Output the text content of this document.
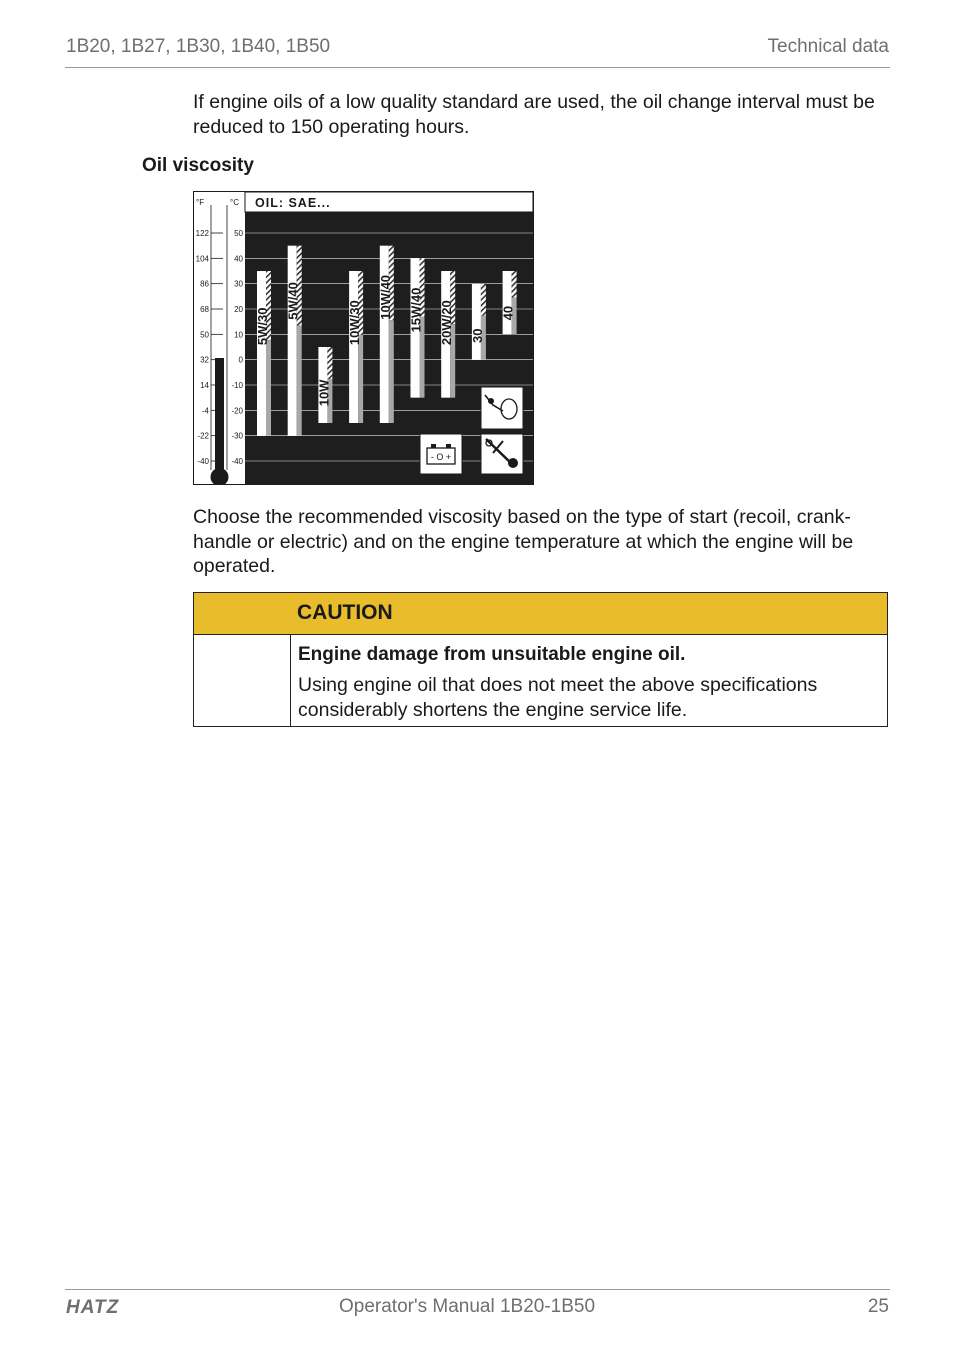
1B20, 1B27, 1B30, 1B40, 1B50	Technical data
If engine oils of a low quality standard are used, the oil change interval must be reduced to 150 operating hours.
Oil viscosity
OIL: SAE...
°F	°C
122	50
104	40
86	30
68	20
50	10
32	0
14	-10
-4	-20
-22	-30
-40	-40
5W/30
5W/40
10W
10W/30
10W/40 15W/40 20W/20 30
40
- O +
Choose the recommended viscosity based on the type of start (recoil, crank-handle or electric) and on the engine temperature at which the engine will be operated.
CAUTION
Engine damage from unsuitable engine oil.
Using engine oil that does not meet the above specifications considerably shortens the engine service life.
HATZ	Operator's Manual 1B20-1B50	25
